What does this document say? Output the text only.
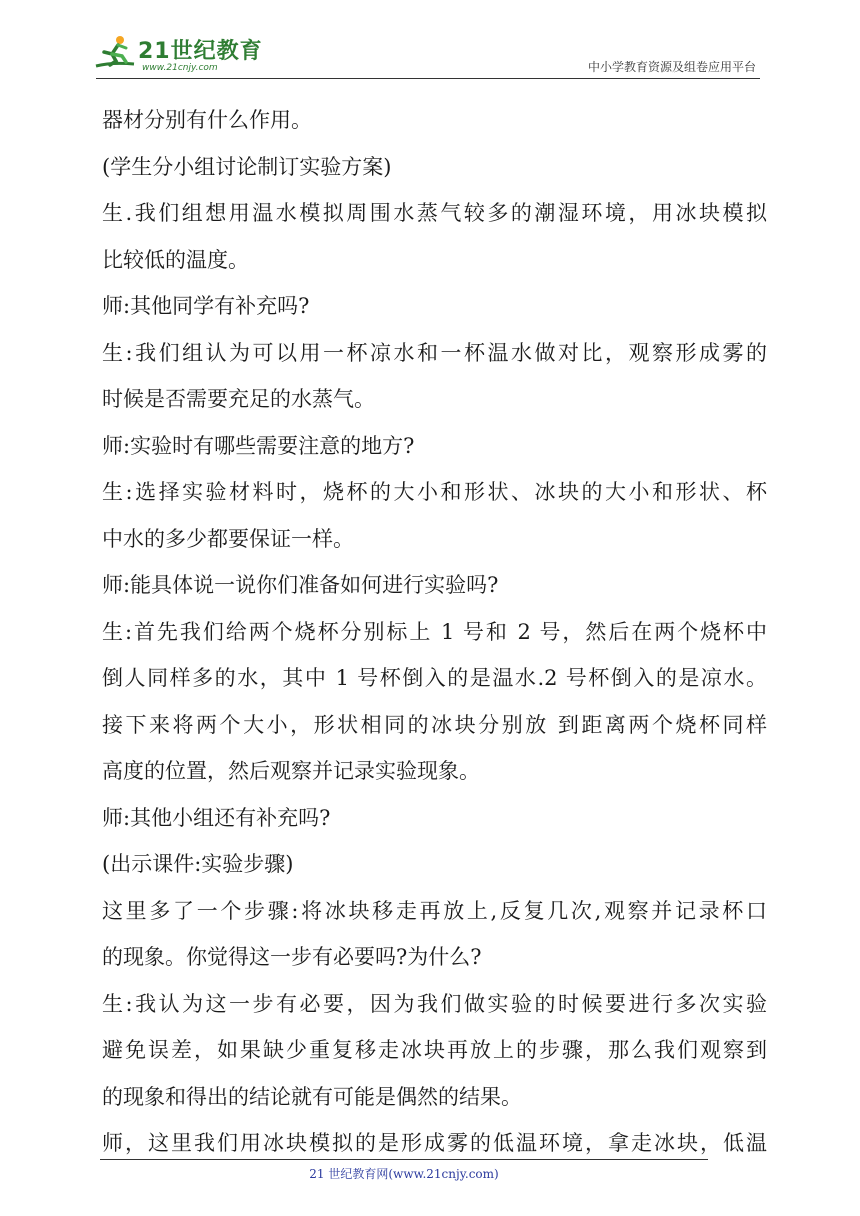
21世纪教育
www.21cnjy.com	中小学教育资源及组卷应用平台
器材分别有什么作用。
(学生分小组讨论制订实验方案)
生.我们组想用温水模拟周围水蒸气较多的潮湿环境，用冰块模拟
比较低的温度。
师:其他同学有补充吗?
生:我们组认为可以用一杯凉水和一杯温水做对比，观察形成雾的
时候是否需要充足的水蒸气。
师:实验时有哪些需要注意的地方?
生:选择实验材料时，烧杯的大小和形状、冰块的大小和形状、杯
中水的多少都要保证一样。
师:能具体说一说你们准备如何进行实验吗?
生:首先我们给两个烧杯分别标上 1 号和 2 号，然后在两个烧杯中
倒人同样多的水，其中 1 号杯倒入的是温水.2 号杯倒入的是凉水。
接下来将两个大小，形状相同的冰块分别放 到距离两个烧杯同样
高度的位置，然后观察并记录实验现象。
师:其他小组还有补充吗?
(出示课件:实验步骤)
这里多了一个步骤:将冰块移走再放上,反复几次,观察并记录杯口
的现象。你觉得这一步有必要吗?为什么?
生:我认为这一步有必要，因为我们做实验的时候要进行多次实验
避免误差，如果缺少重复移走冰块再放上的步骤，那么我们观察到
的现象和得出的结论就有可能是偶然的结果。
师，这里我们用冰块模拟的是形成雾的低温环境，拿走冰块，低温
21 世纪教育网(www.21cnjy.com)
